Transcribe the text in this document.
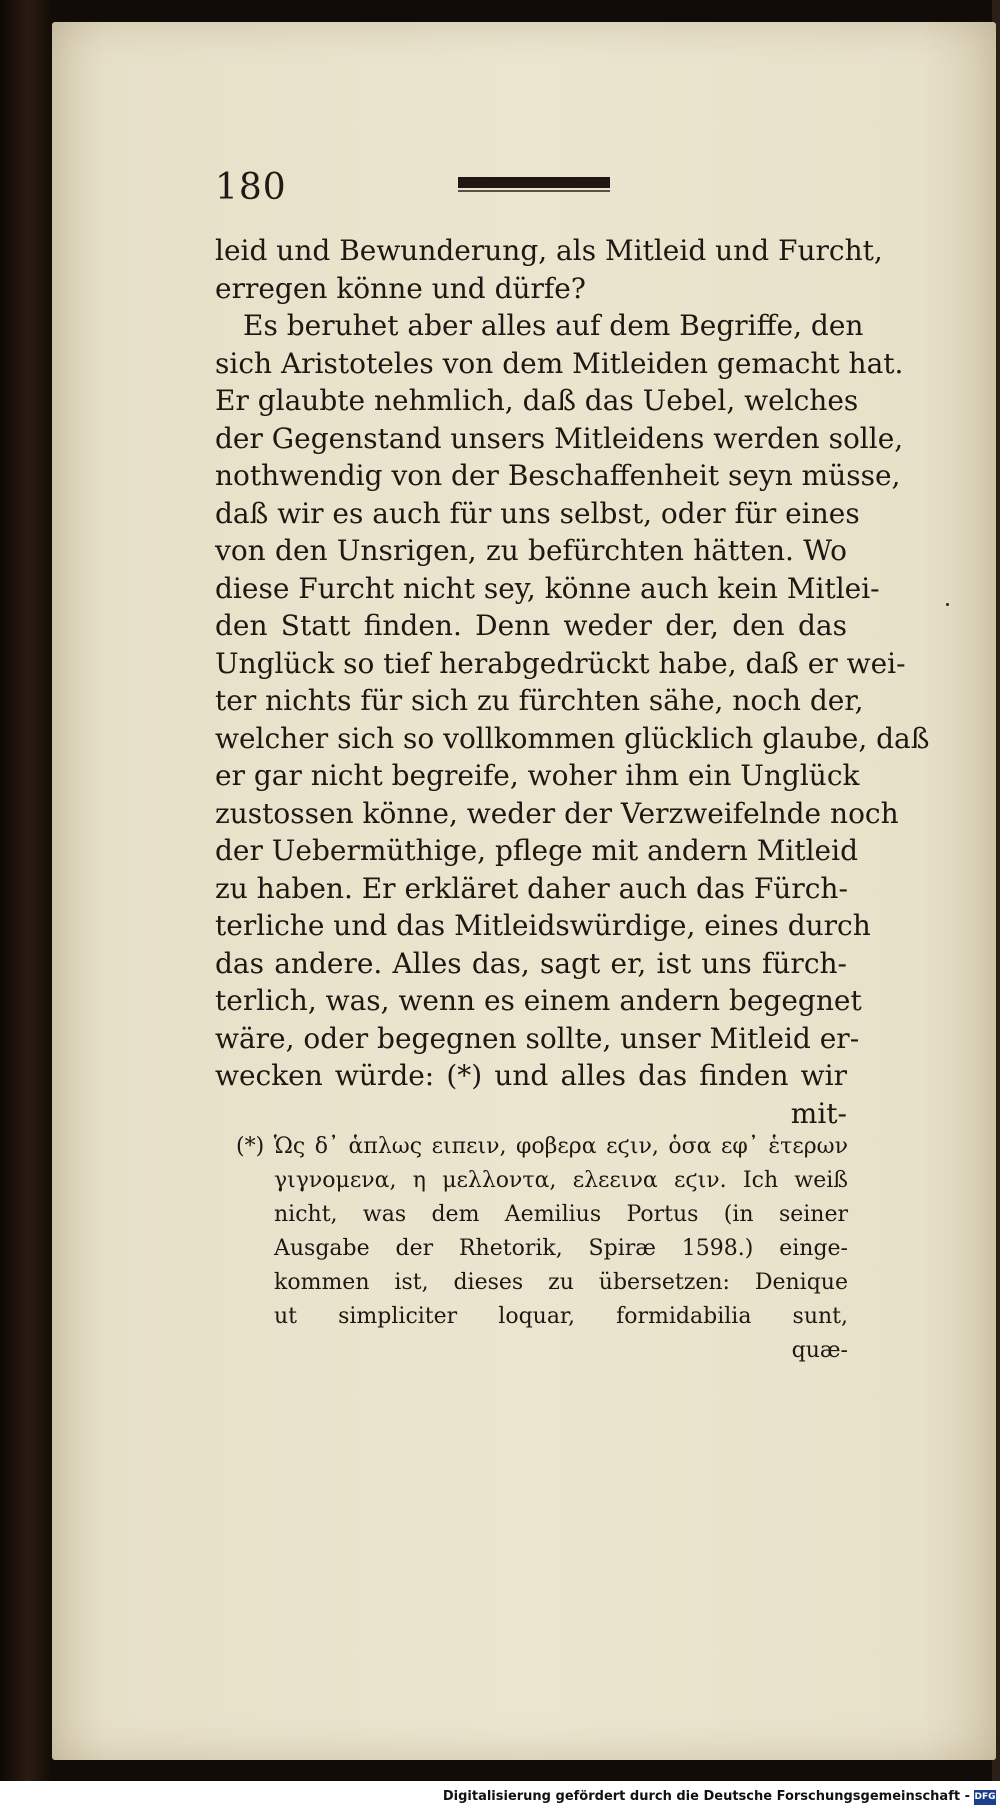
180
leid und Bewunderung, als Mitleid und Furcht,
erregen könne und dürfe?
Es beruhet aber alles auf dem Begriffe, den
sich Aristoteles von dem Mitleiden gemacht hat.
Er glaubte nehmlich, daß das Uebel, welches
der Gegenstand unsers Mitleidens werden solle,
nothwendig von der Beschaffenheit seyn müsse,
daß wir es auch für uns selbst, oder für eines
von den Unsrigen, zu befürchten hätten. Wo
diese Furcht nicht sey, könne auch kein Mitlei-
den Statt finden. Denn weder der, den das
Unglück so tief herabgedrückt habe, daß er wei-
ter nichts für sich zu fürchten sähe, noch der,
welcher sich so vollkommen glücklich glaube, daß
er gar nicht begreife, woher ihm ein Unglück
zustossen könne, weder der Verzweifelnde noch
der Uebermüthige, pflege mit andern Mitleid
zu haben. Er erkläret daher auch das Fürch-
terliche und das Mitleidswürdige, eines durch
das andere. Alles das, sagt er, ist uns fürch-
terlich, was, wenn es einem andern begegnet
wäre, oder begegnen sollte, unser Mitleid er-
wecken würde: (*) und alles das finden wir
mit-
(*) Ὡς δ᾽ ἁπλως ειπειν, φοβερα εϛιν, ὁσα εφ᾽ ἑτερων
γιγνομενα, η μελλοντα, ελεεινα εϛιν. Ich weiß
nicht, was dem Aemilius Portus (in seiner
Ausgabe der Rhetorik, Spiræ 1598.) einge-
kommen ist, dieses zu übersetzen: Denique
ut simpliciter loquar, formidabilia sunt,
quæ-
Digitalisierung gefördert durch die Deutsche Forschungsgemeinschaft - DFG
